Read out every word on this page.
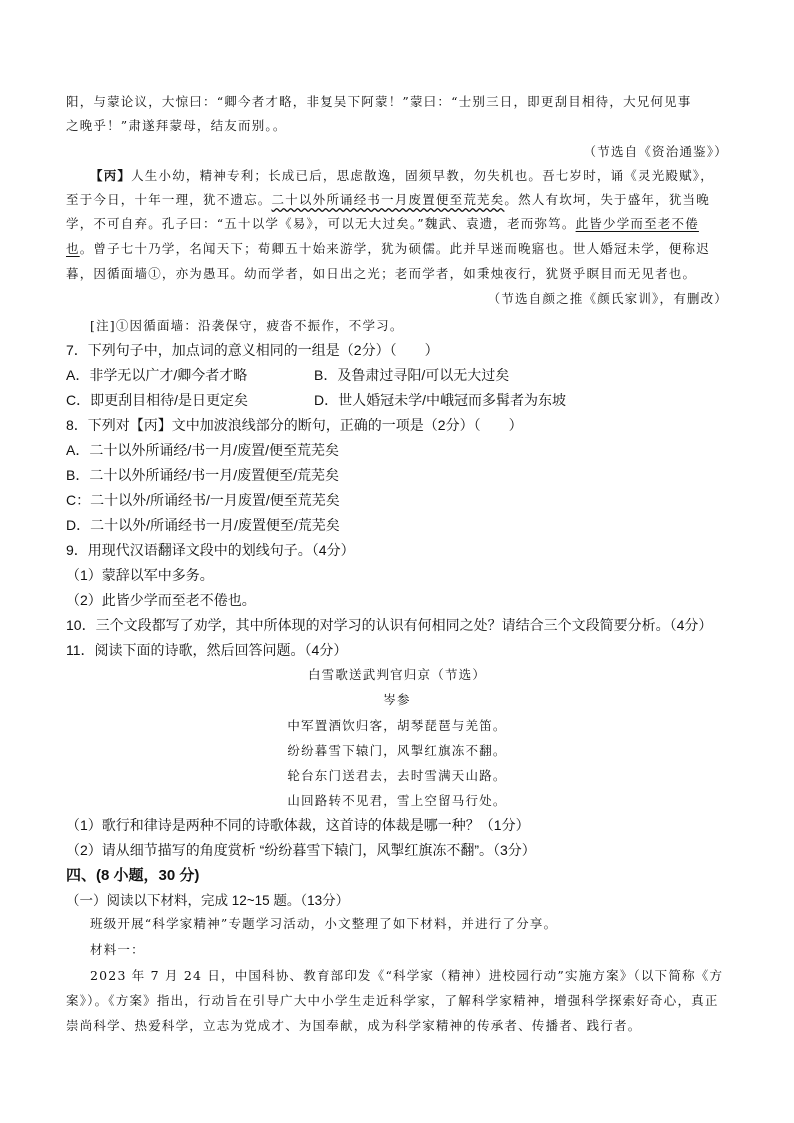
阳，与蒙论议，大惊曰：“卿今者才略，非复吴下阿蒙！”蒙曰：“士别三日，即更刮目相待，大兄何见事
之晚乎！”肃遂拜蒙母，结友而别。。
（节选自《资治通鉴》）
【丙】人生小幼，精神专利；长成已后，思虑散逸，固须早教，勿失机也。吾七岁时，诵《灵光殿赋》，
至于今日，十年一理，犹不遗忘。二十以外所诵经书一月废置便至荒芜矣。然人有坎坷，失于盛年，犹当晚
学，不可自弃。孔子曰：“五十以学《易》，可以无大过矣。”魏武、袁遗，老而弥笃。此皆少学而至老不倦
也。曾子七十乃学，名闻天下；荀卿五十始来游学，犹为硕儒。此并早迷而晚寤也。世人婚冠未学，便称迟
暮，因循面墙①，亦为愚耳。幼而学者，如日出之光；老而学者，如秉烛夜行，犹贤乎瞑目而无见者也。
（节选自颜之推《颜氏家训》，有删改）
[注]①因循面墙：沿袭保守，疲沓不振作，不学习。
7．下列句子中，加点词的意义相同的一组是（2分）（　　）
A．非学无以广才/卿今者才略	B．及鲁肃过寻阳/可以无大过矣
C．即更刮目相待/是日更定矣	D．世人婚冠未学/中峨冠而多髯者为东坡
8．下列对【丙】文中加波浪线部分的断句，正确的一项是（2分）（　　）
A．二十以外所诵经/书一月/废置/便至荒芜矣
B．二十以外所诵经/书一月/废置便至/荒芜矣
C：二十以外/所诵经书/一月废置/便至荒芜矣
D．二十以外/所诵经书一月/废置便至/荒芜矣
9．用现代汉语翻译文段中的划线句子。（4分）
（1）蒙辞以军中多务。
（2）此皆少学而至老不倦也。
10．三个文段都写了劝学，其中所体现的对学习的认识有何相同之处？请结合三个文段简要分析。（4分）
11．阅读下面的诗歌，然后回答问题。（4分）
白雪歌送武判官归京（节选）
岑参
中军置酒饮归客，胡琴琵琶与羌笛。
纷纷暮雪下辕门，风掣红旗冻不翻。
轮台东门送君去，去时雪满天山路。
山回路转不见君，雪上空留马行处。
（1）歌行和律诗是两种不同的诗歌体裁，这首诗的体裁是哪一种？（1分）
（2）请从细节描写的角度赏析 “纷纷暮雪下辕门，风掣红旗冻不翻”。（3分）
四、(8 小题，30 分)
（一）阅读以下材料，完成 12~15 题。（13分）
班级开展“科学家精神”专题学习活动，小文整理了如下材料，并进行了分享。
材料一：
2023 年 7 月 24 日，中国科协、教育部印发《“科学家（精神）进校园行动”实施方案》（以下简称《方
案》）。《方案》指出，行动旨在引导广大中小学生走近科学家，了解科学家精神，增强科学探索好奇心，真正
崇尚科学、热爱科学，立志为党成才、为国奉献，成为科学家精神的传承者、传播者、践行者。
